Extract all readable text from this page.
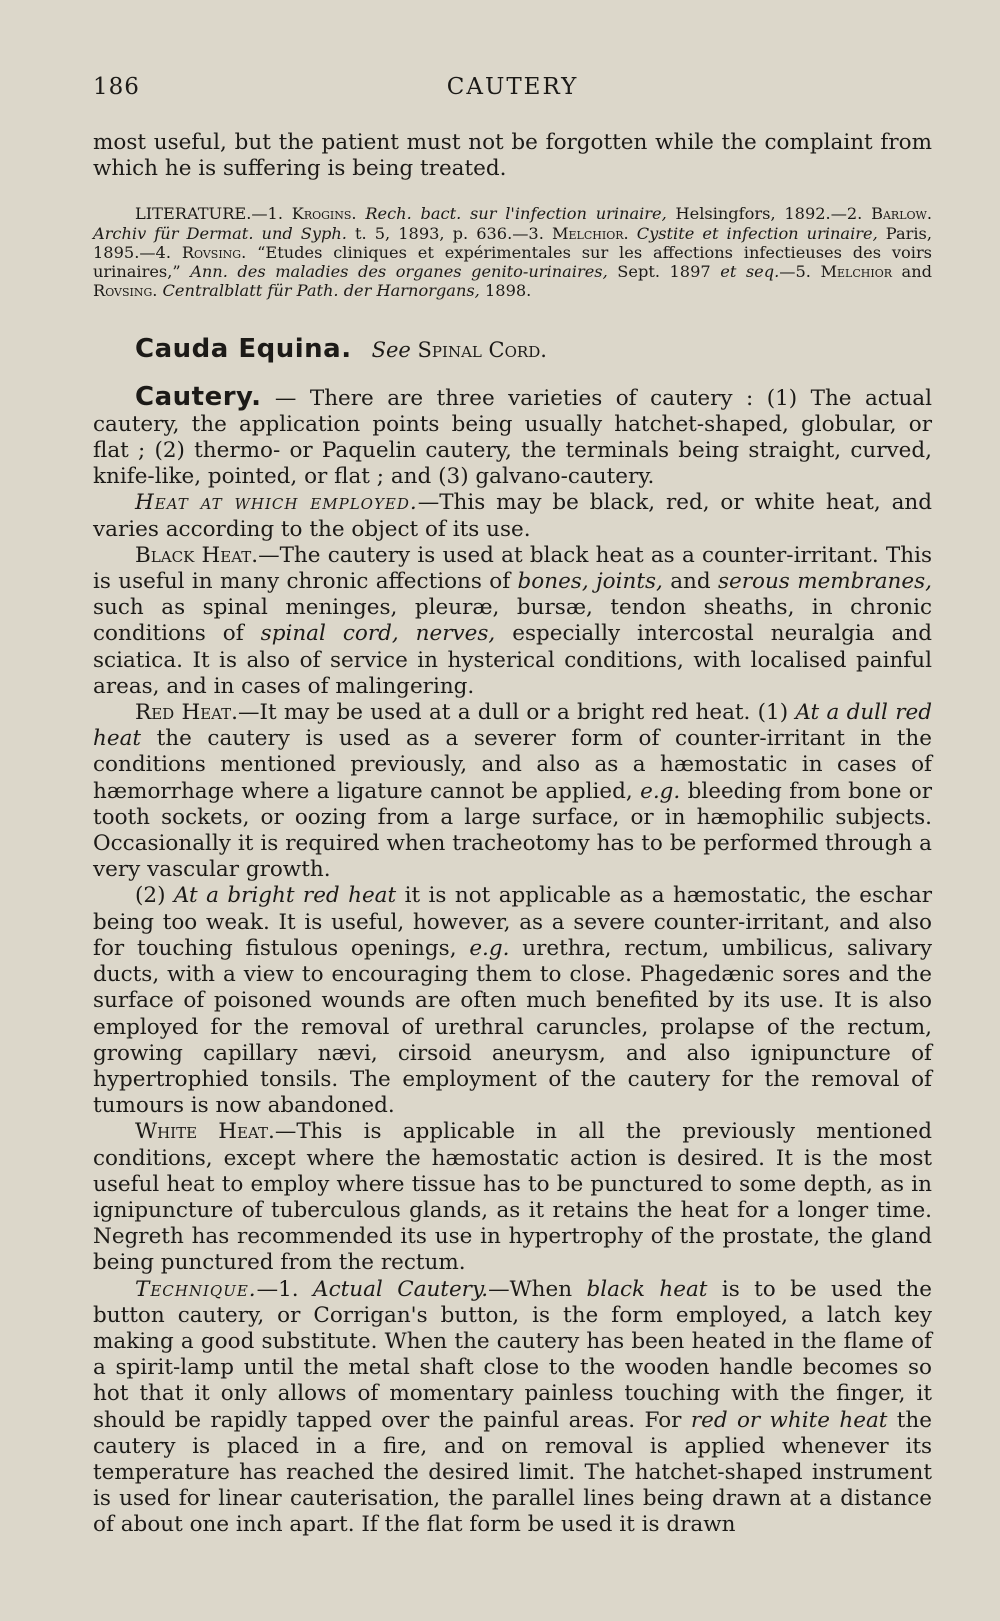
186	CAUTERY

most useful, but the patient must not be forgotten while the complaint from which he is suffering is being treated.

LITERATURE.—1. Krogins. Rech. bact. sur l'infection urinaire, Helsingfors, 1892.—2. Barlow. Archiv für Dermat. und Syph. t. 5, 1893, p. 636.—3. Melchior. Cystite et infection urinaire, Paris, 1895.—4. Rovsing. “Etudes cliniques et expérimentales sur les affections infectieuses des voirs urinaires,” Ann. des maladies des organes genito-urinaires, Sept. 1897 et seq.—5. Melchior and Rovsing. Centralblatt für Path. der Harnorgans, 1898.

Cauda Equina. See Spinal Cord.

Cautery. — There are three varieties of cautery : (1) The actual cautery, the application points being usually hatchet-shaped, globular, or flat ; (2) thermo- or Paquelin cautery, the terminals being straight, curved, knife-like, pointed, or flat ; and (3) galvano-cautery.

Heat at which employed.—This may be black, red, or white heat, and varies according to the object of its use.

Black Heat.—The cautery is used at black heat as a counter-irritant. This is useful in many chronic affections of bones, joints, and serous membranes, such as spinal meninges, pleuræ, bursæ, tendon sheaths, in chronic conditions of spinal cord, nerves, especially intercostal neuralgia and sciatica. It is also of service in hysterical conditions, with localised painful areas, and in cases of malingering.

Red Heat.—It may be used at a dull or a bright red heat. (1) At a dull red heat the cautery is used as a severer form of counter-irritant in the conditions mentioned previously, and also as a hæmostatic in cases of hæmorrhage where a ligature cannot be applied, e.g. bleeding from bone or tooth sockets, or oozing from a large surface, or in hæmophilic subjects. Occasionally it is required when tracheotomy has to be performed through a very vascular growth.

(2) At a bright red heat it is not applicable as a hæmostatic, the eschar being too weak. It is useful, however, as a severe counter-irritant, and also for touching fistulous openings, e.g. urethra, rectum, umbilicus, salivary ducts, with a view to encouraging them to close. Phagedænic sores and the surface of poisoned wounds are often much benefited by its use. It is also employed for the removal of urethral caruncles, prolapse of the rectum, growing capillary nævi, cirsoid aneurysm, and also ignipuncture of hypertrophied tonsils. The employment of the cautery for the removal of tumours is now abandoned.

White Heat.—This is applicable in all the previously mentioned conditions, except where the hæmostatic action is desired. It is the most useful heat to employ where tissue has to be punctured to some depth, as in ignipuncture of tuberculous glands, as it retains the heat for a longer time. Negreth has recommended its use in hypertrophy of the prostate, the gland being punctured from the rectum.

Technique.—1. Actual Cautery.—When black heat is to be used the button cautery, or Corrigan's button, is the form employed, a latch key making a good substitute. When the cautery has been heated in the flame of a spirit-lamp until the metal shaft close to the wooden handle becomes so hot that it only allows of momentary painless touching with the finger, it should be rapidly tapped over the painful areas. For red or white heat the cautery is placed in a fire, and on removal is applied whenever its temperature has reached the desired limit. The hatchet-shaped instrument is used for linear cauterisation, the parallel lines being drawn at a distance of about one inch apart. If the flat form be used it is drawn
